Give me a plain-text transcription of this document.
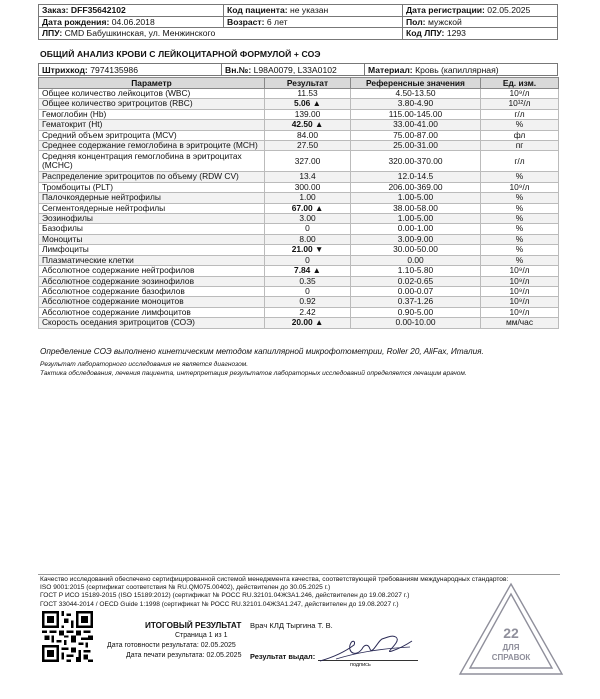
Заказ: DFF35642102	Код пациента: не указан	Дата регистрации: 02.05.2025
Дата рождения: 04.06.2018	Возраст: 6 лет	Пол: мужской
ЛПУ: CMD Бабушкинская, ул. Менжинского		Код ЛПУ: 1293
ОБЩИЙ АНАЛИЗ КРОВИ С ЛЕЙКОЦИТАРНОЙ ФОРМУЛОЙ + СОЭ
Штрихкод: 7974135986	Вн.№: L98A0079, L33A0102	Материал: Кровь (капиллярная)
Параметр	Результат	Референсные значения	Ед. изм.
Общее количество лейкоцитов (WBC)	11.53	4.50-13.50	10⁹/л
Общее количество эритроцитов (RBC)	5.06 ▲	3.80-4.90	10¹²/л
Гемоглобин (Hb)	139.00	115.00-145.00	г/л
Гематокрит (Ht)	42.50 ▲	33.00-41.00	%
Средний объем эритроцита (MCV)	84.00	75.00-87.00	фл
Среднее содержание гемоглобина в эритроците (MCH)	27.50	25.00-31.00	пг
Средняя концентрация гемоглобина в эритроцитах (MCHC)	327.00	320.00-370.00	г/л
Распределение эритроцитов по объему (RDW CV)	13.4	12.0-14.5	%
Тромбоциты (PLT)	300.00	206.00-369.00	10⁹/л
Палочкоядерные нейтрофилы	1.00	1.00-5.00	%
Сегментоядерные нейтрофилы	67.00 ▲	38.00-58.00	%
Эозинофилы	3.00	1.00-5.00	%
Базофилы	0	0.00-1.00	%
Моноциты	8.00	3.00-9.00	%
Лимфоциты	21.00 ▼	30.00-50.00	%
Плазматические клетки	0	0.00	%
Абсолютное содержание нейтрофилов	7.84 ▲	1.10-5.80	10⁹/л
Абсолютное содержание эозинофилов	0.35	0.02-0.65	10⁹/л
Абсолютное содержание базофилов	0	0.00-0.07	10⁹/л
Абсолютное содержание моноцитов	0.92	0.37-1.26	10⁹/л
Абсолютное содержание лимфоцитов	2.42	0.90-5.00	10⁹/л
Скорость оседания эритроцитов (СОЭ)	20.00 ▲	0.00-10.00	мм/час
Определение СОЭ выполнено кинетическим методом капиллярной микрофотометрии, Roller 20, AliFax, Италия.
Результат лабораторного исследования не является диагнозом.
Тактика обследования, лечения пациента, интерпретация результатов лабораторных исследований определяется лечащим врачом.
Качество исследований обеспечено сертифицированной системой менеджмента качества, соответствующей требованиям международных стандартов:
ISO 9001:2015 (сертификат соответствия № RU.QM075.00402), действителен до 30.05.2025 г.)
ГОСТ Р ИСО 15189-2015 (ISO 15189:2012) (сертификат № РОСС RU.32101.04ЖЗА1.246, действителен до 19.08.2027 г.)
ГОСТ 33044-2014 / OECD Guide 1:1998 (сертификат № РОСС RU.32101.04ЖЗА1.247, действителен до 19.08.2027 г.)
ИТОГОВЫЙ РЕЗУЛЬТАТ Врач КЛД Тыргина Т. В.
Страница 1 из 1
Дата готовности результата: 02.05.2025
Дата печати результата: 02.05.2025 Результат выдал:
подпись
22
ДЛЯ
СПРАВОК
